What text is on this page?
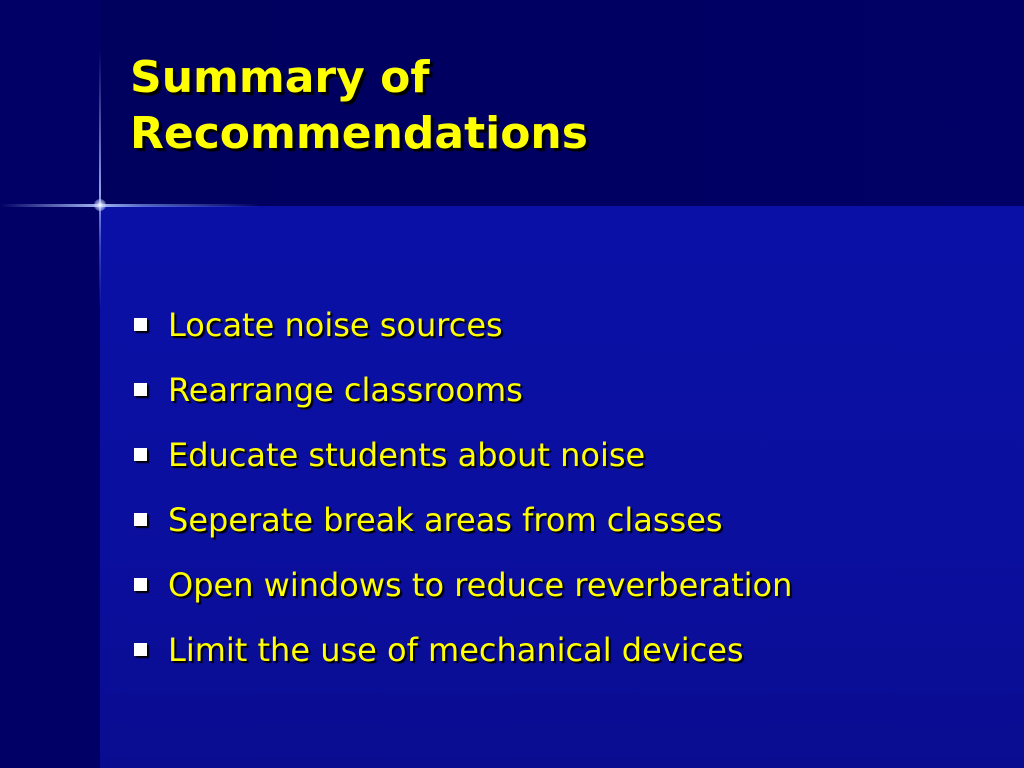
Summary of
Recommendations
Locate noise sources
Rearrange classrooms
Educate students about noise
Seperate break areas from classes
Open windows to reduce reverberation
Limit the use of mechanical devices
